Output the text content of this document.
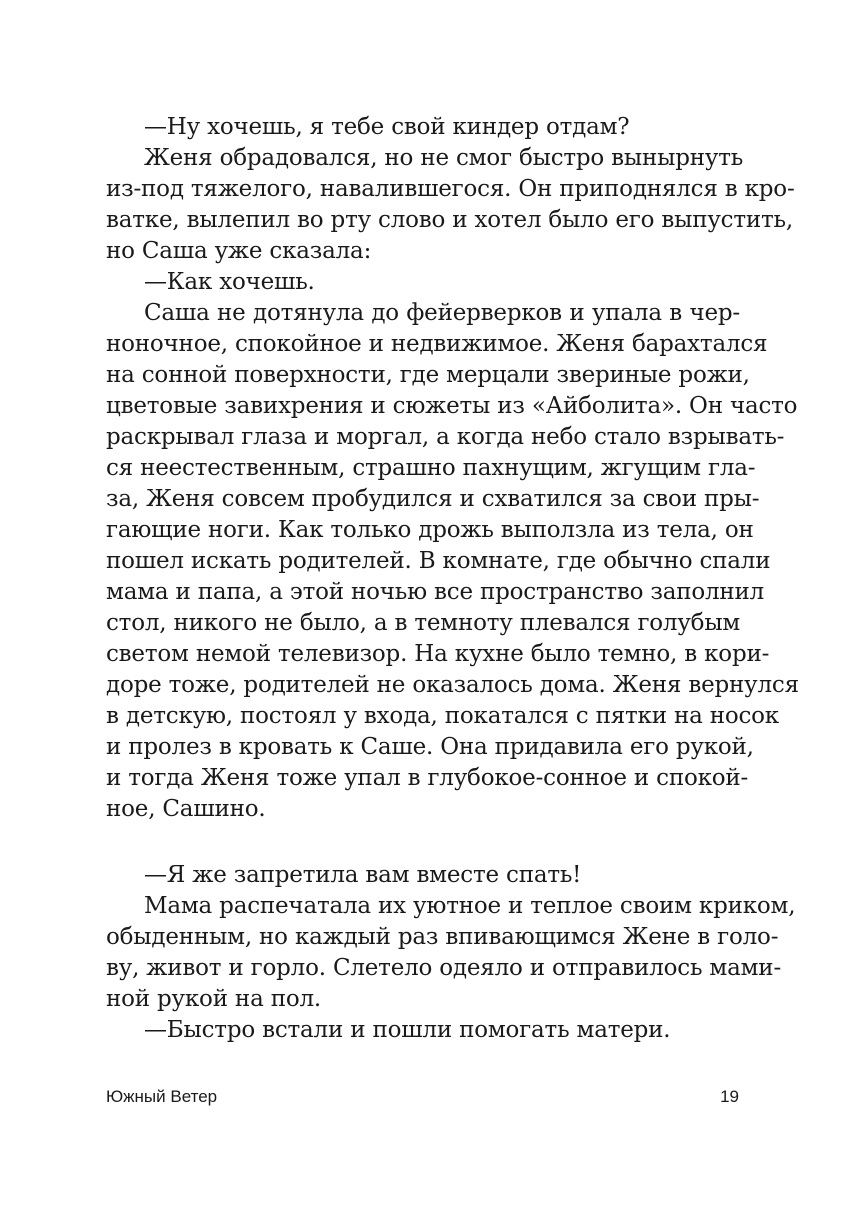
—Ну хочешь, я тебе свой киндер отдам?
Женя обрадовался, но не смог быстро вынырнуть
из-под тяжелого, навалившегося. Он приподнялся в кро-
ватке, вылепил во рту слово и хотел было его выпустить,
но Саша уже сказала:
—Как хочешь.
Саша не дотянула до фейерверков и упала в чер-
ноночное, спокойное и недвижимое. Женя барахтался
на сонной поверхности, где мерцали звериные рожи,
цветовые завихрения и сюжеты из «Айболита». Он часто
раскрывал глаза и моргал, а когда небо стало взрывать-
ся неестественным, страшно пахнущим, жгущим гла-
за, Женя совсем пробудился и схватился за свои пры-
гающие ноги. Как только дрожь выползла из тела, он
пошел искать родителей. В комнате, где обычно спали
мама и папа, а этой ночью все пространство заполнил
стол, никого не было, а в темноту плевался голубым
светом немой телевизор. На кухне было темно, в кори-
доре тоже, родителей не оказалось дома. Женя вернулся
в детскую, постоял у входа, покатался с пятки на носок
и пролез в кровать к Саше. Она придавила его рукой,
и тогда Женя тоже упал в глубокое-сонное и спокой-
ное, Сашино.
—Я же запретила вам вместе спать!
Мама распечатала их уютное и теплое своим криком,
обыденным, но каждый раз впивающимся Жене в голо-
ву, живот и горло. Слетело одеяло и отправилось мами-
ной рукой на пол.
—Быстро встали и пошли помогать матери.
Южный Ветер	19
